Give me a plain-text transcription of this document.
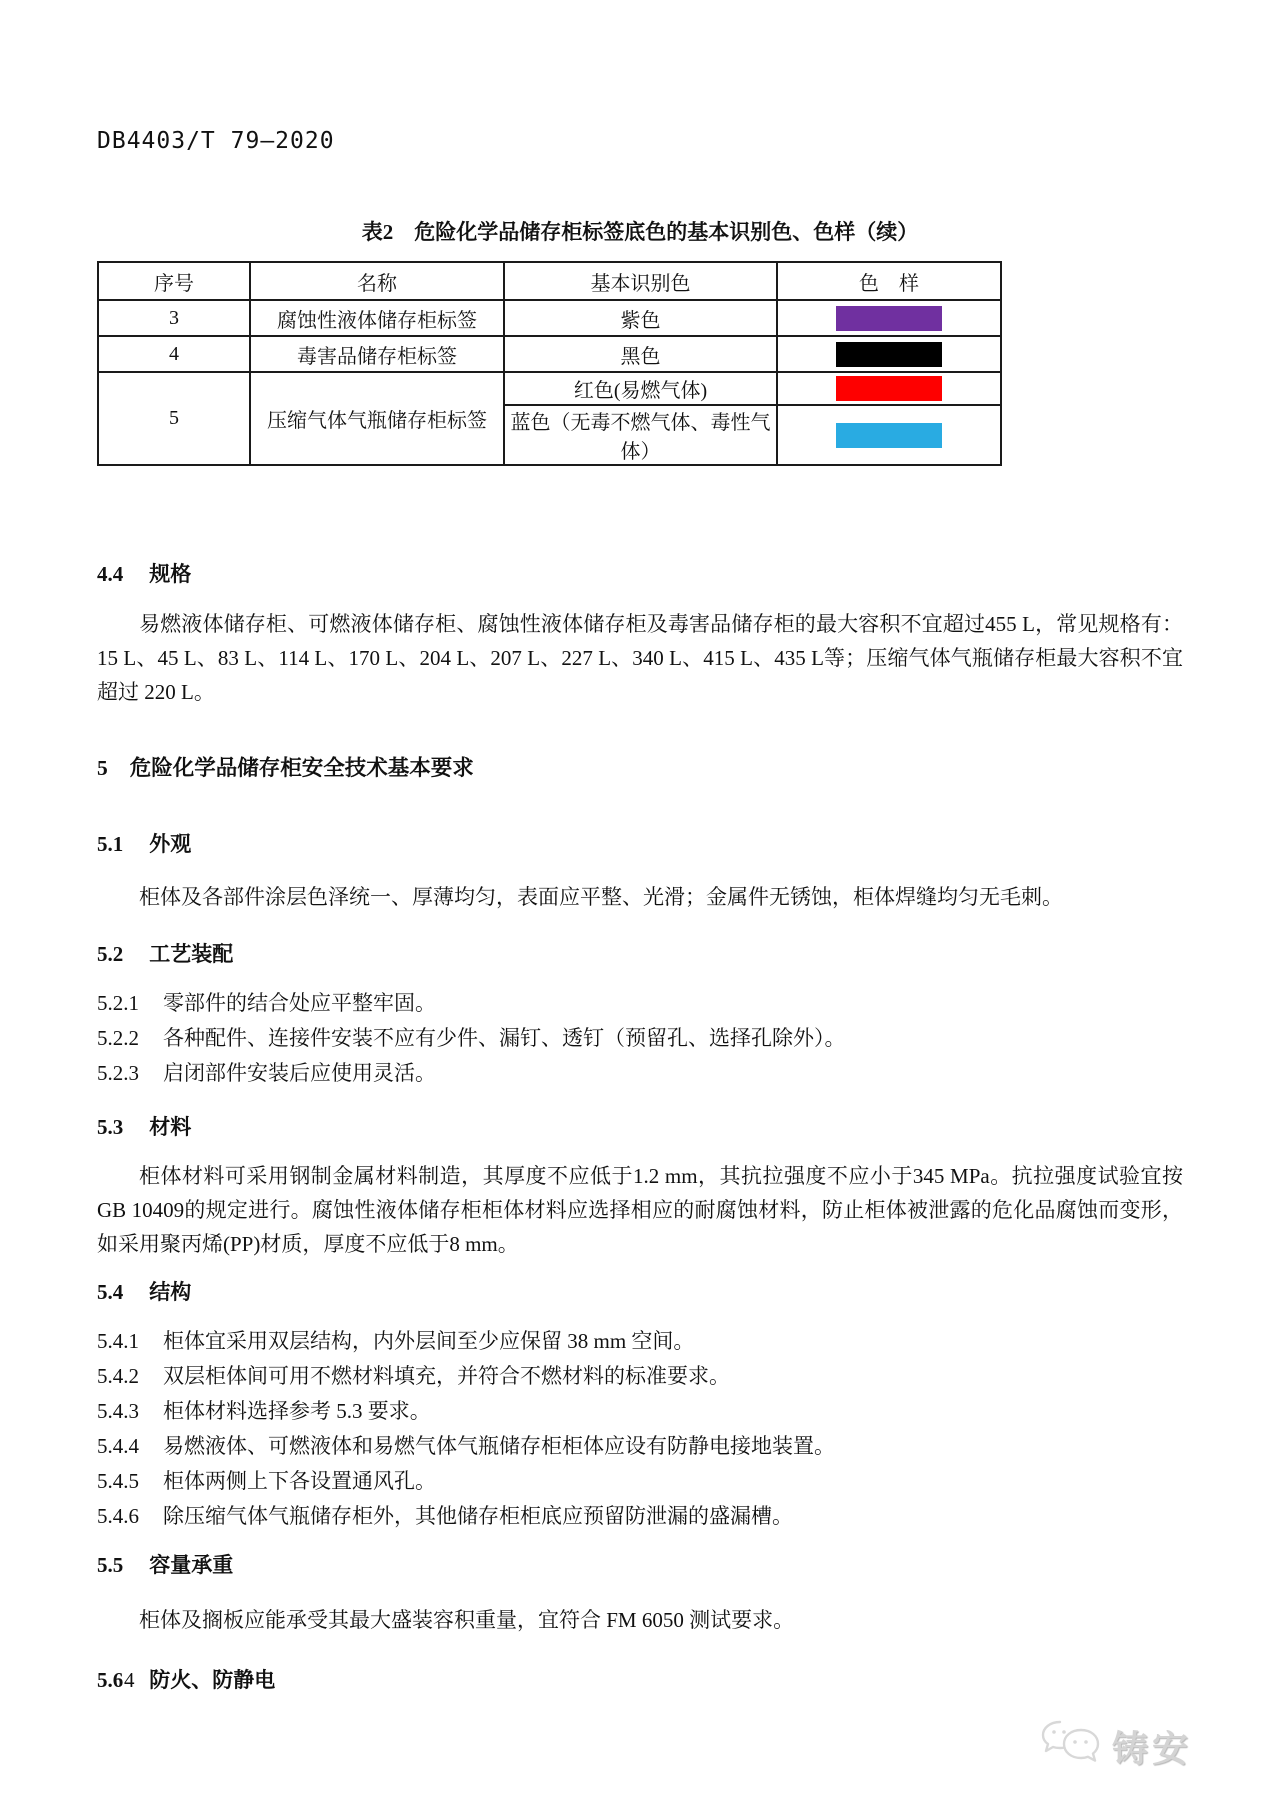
DB4403/T 79—2020
表2　危险化学品储存柜标签底色的基本识别色、色样（续）
序号	名称	基本识别色	色　样
3	腐蚀性液体储存柜标签	紫色	

4	毒害品储存柜标签	黑色	

5	压缩气体气瓶储存柜标签	红色(易燃气体)	

		蓝色（无毒不燃气体、毒性气体）	
4.4 规格

易燃液体储存柜、可燃液体储存柜、腐蚀性液体储存柜及毒害品储存柜的最大容积不宜超过455 L，常见规格有：15 L、45 L、83 L、114 L、170 L、204 L、207 L、227 L、340 L、415 L、435 L等；压缩气体气瓶储存柜最大容积不宜超过 220 L。

5 危险化学品储存柜安全技术基本要求
5.1 外观

柜体及各部件涂层色泽统一、厚薄均匀，表面应平整、光滑；金属件无锈蚀，柜体焊缝均匀无毛刺。

5.2 工艺装配

5.2.1 零部件的结合处应平整牢固。

5.2.2 各种配件、连接件安装不应有少件、漏钉、透钉（预留孔、选择孔除外）。

5.2.3 启闭部件安装后应使用灵活。

5.3 材料

柜体材料可采用钢制金属材料制造，其厚度不应低于1.2 mm，其抗拉强度不应小于345 MPa。抗拉强度试验宜按GB 10409的规定进行。腐蚀性液体储存柜柜体材料应选择相应的耐腐蚀材料，防止柜体被泄露的危化品腐蚀而变形，如采用聚丙烯(PP)材质，厚度不应低于8 mm。

5.4 结构

5.4.1 柜体宜采用双层结构，内外层间至少应保留 38 mm 空间。

5.4.2 双层柜体间可用不燃材料填充，并符合不燃材料的标准要求。

5.4.3 柜体材料选择参考 5.3 要求。

5.4.4 易燃液体、可燃液体和易燃气体气瓶储存柜柜体应设有防静电接地装置。

5.4.5 柜体两侧上下各设置通风孔。

5.4.6 除压缩气体气瓶储存柜外，其他储存柜柜底应预留防泄漏的盛漏槽。

5.5 容量承重

柜体及搁板应能承受其最大盛装容积重量，宜符合 FM 6050 测试要求。

5.6 防火、防静电
4
铸安
